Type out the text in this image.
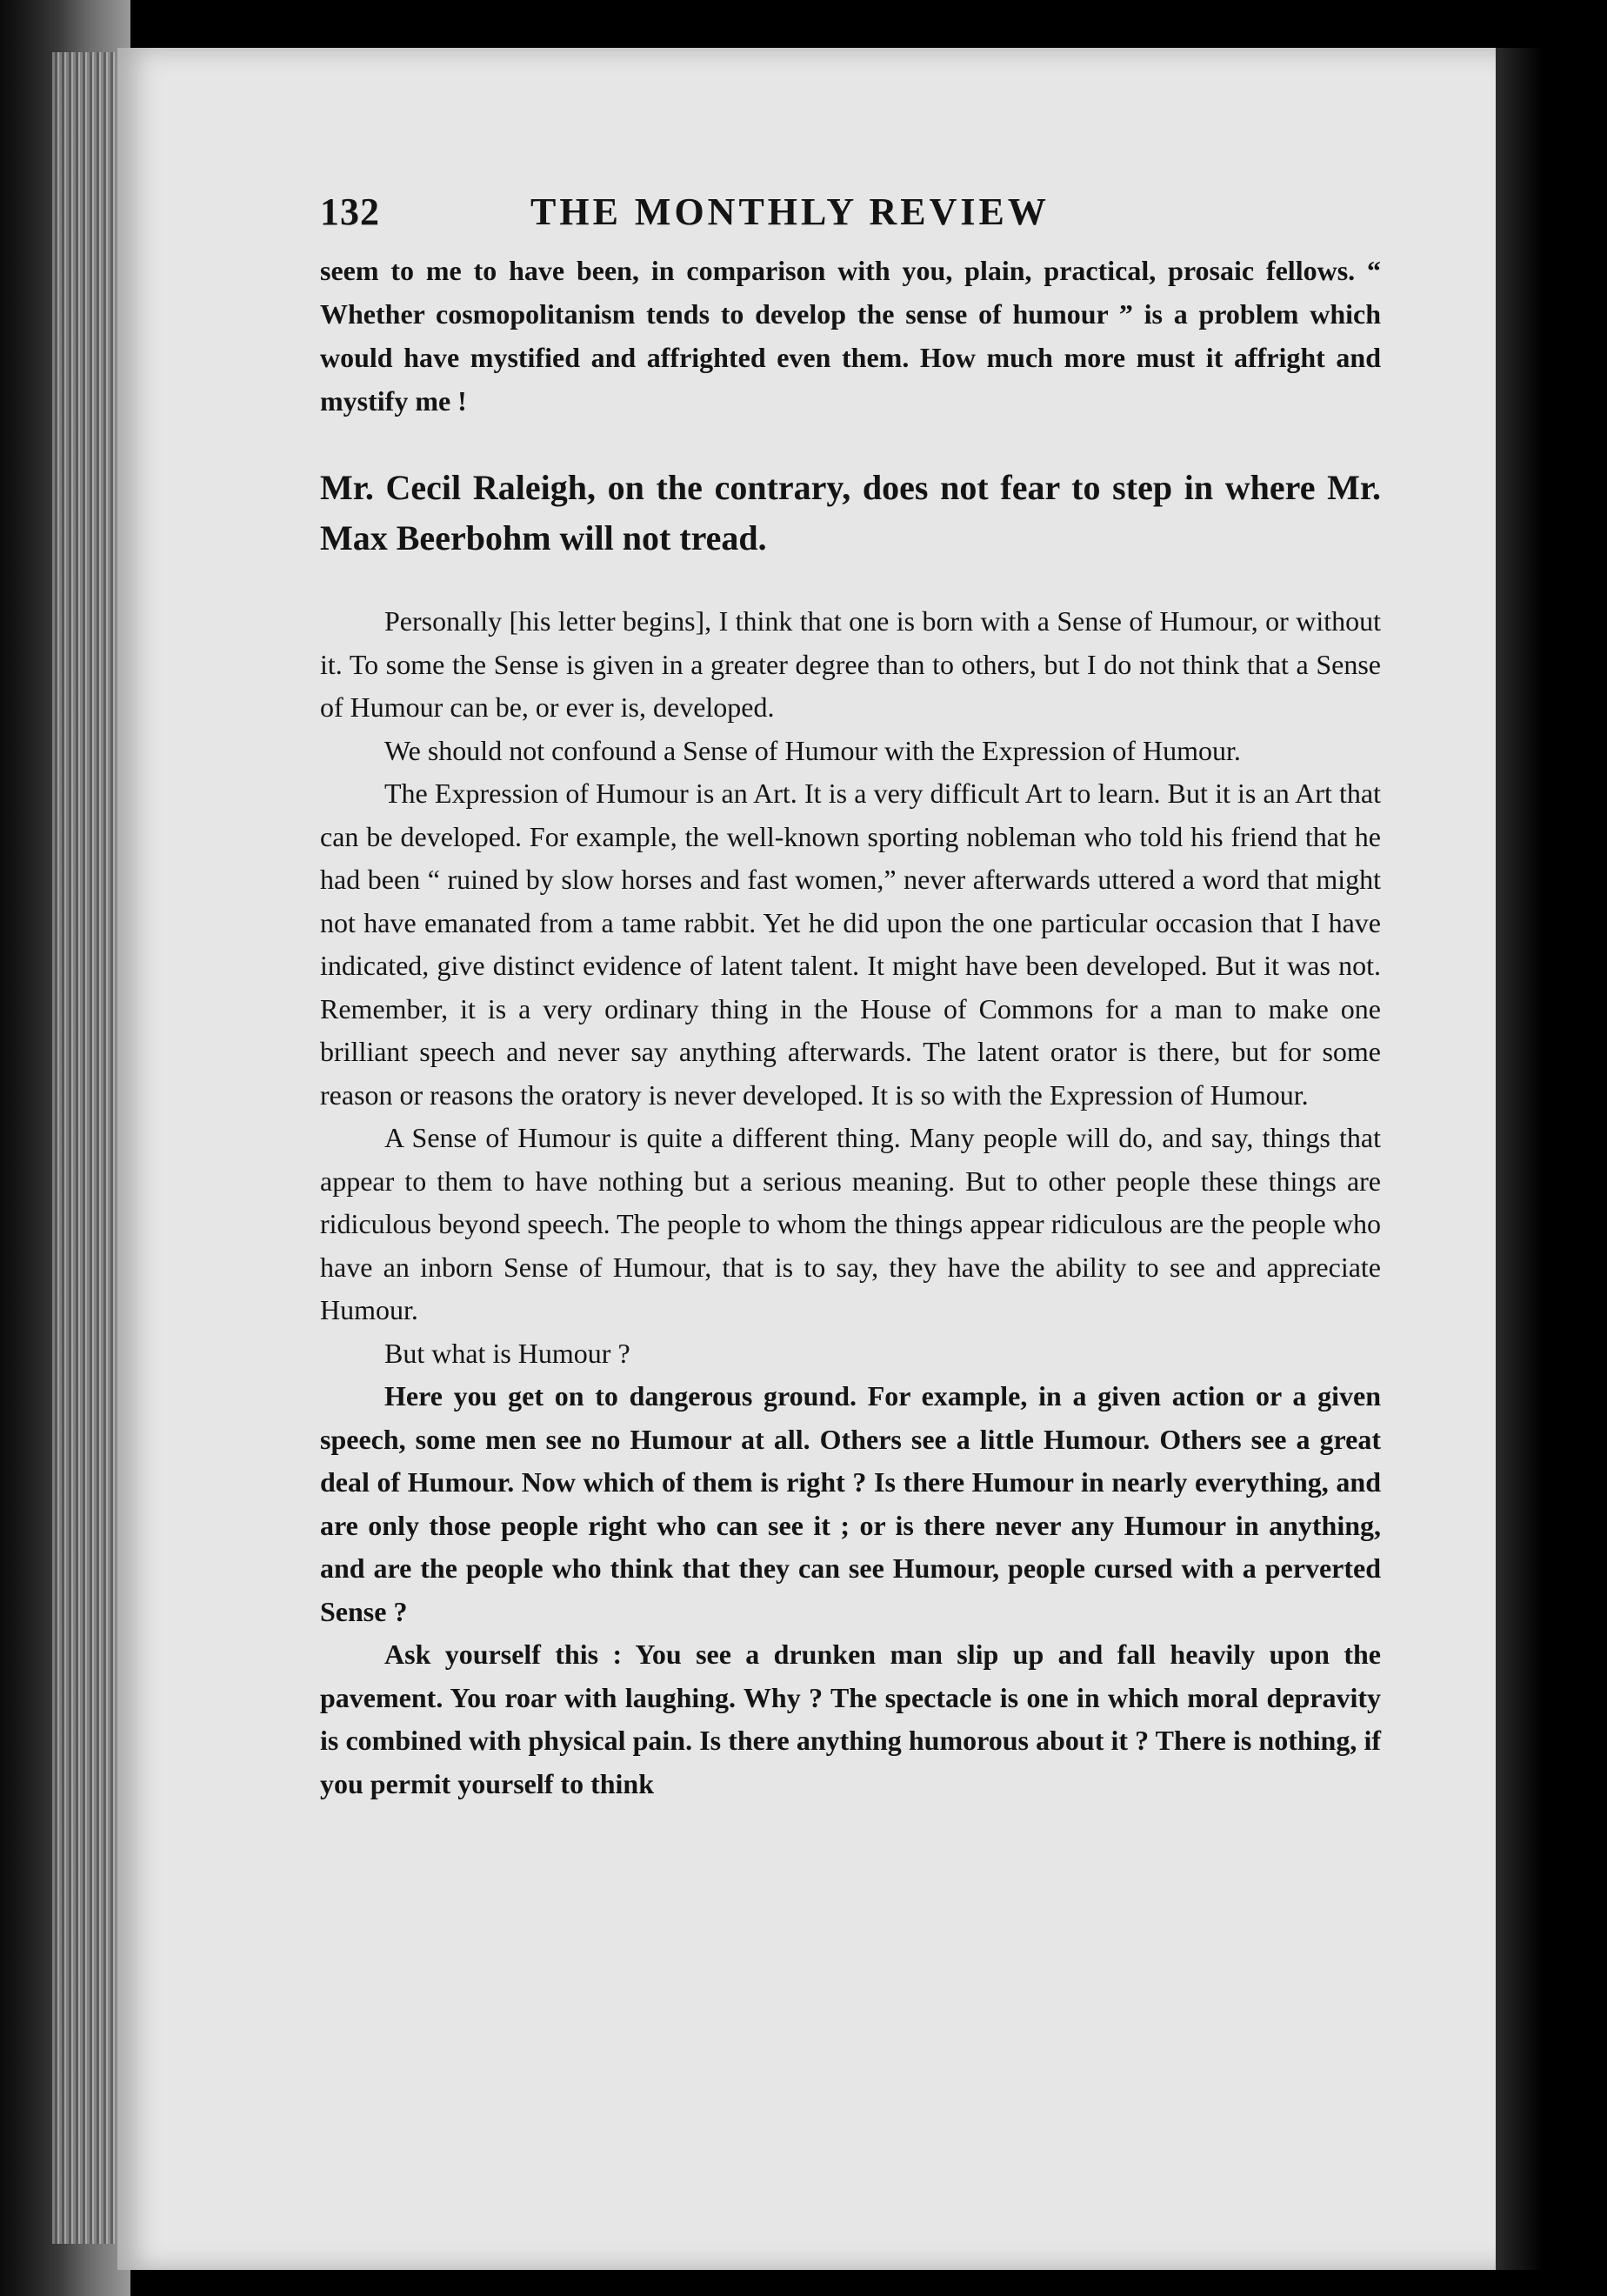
132	THE MONTHLY REVIEW

seem to me to have been, in comparison with you, plain, practical, prosaic fellows. “ Whether cosmopolitanism tends to develop the sense of humour ” is a problem which would have mystified and affrighted even them. How much more must it affright and mystify me !

Mr. Cecil Raleigh, on the contrary, does not fear to step in where Mr. Max Beerbohm will not tread.

Personally [his letter begins], I think that one is born with a Sense of Humour, or without it. To some the Sense is given in a greater degree than to others, but I do not think that a Sense of Humour can be, or ever is, developed.

We should not confound a Sense of Humour with the Expression of Humour.

The Expression of Humour is an Art. It is a very difficult Art to learn. But it is an Art that can be developed. For example, the well-known sporting nobleman who told his friend that he had been “ ruined by slow horses and fast women,” never afterwards uttered a word that might not have emanated from a tame rabbit. Yet he did upon the one particular occasion that I have indicated, give distinct evidence of latent talent. It might have been developed. But it was not. Remember, it is a very ordinary thing in the House of Commons for a man to make one brilliant speech and never say anything afterwards. The latent orator is there, but for some reason or reasons the oratory is never developed. It is so with the Expression of Humour.

A Sense of Humour is quite a different thing. Many people will do, and say, things that appear to them to have nothing but a serious meaning. But to other people these things are ridiculous beyond speech. The people to whom the things appear ridiculous are the people who have an inborn Sense of Humour, that is to say, they have the ability to see and appreciate Humour.

But what is Humour ?

Here you get on to dangerous ground. For example, in a given action or a given speech, some men see no Humour at all. Others see a little Humour. Others see a great deal of Humour. Now which of them is right ? Is there Humour in nearly everything, and are only those people right who can see it ; or is there never any Humour in anything, and are the people who think that they can see Humour, people cursed with a perverted Sense ?

Ask yourself this : You see a drunken man slip up and fall heavily upon the pavement. You roar with laughing. Why ? The spectacle is one in which moral depravity is combined with physical pain. Is there anything humorous about it ? There is nothing, if you permit yourself to think
